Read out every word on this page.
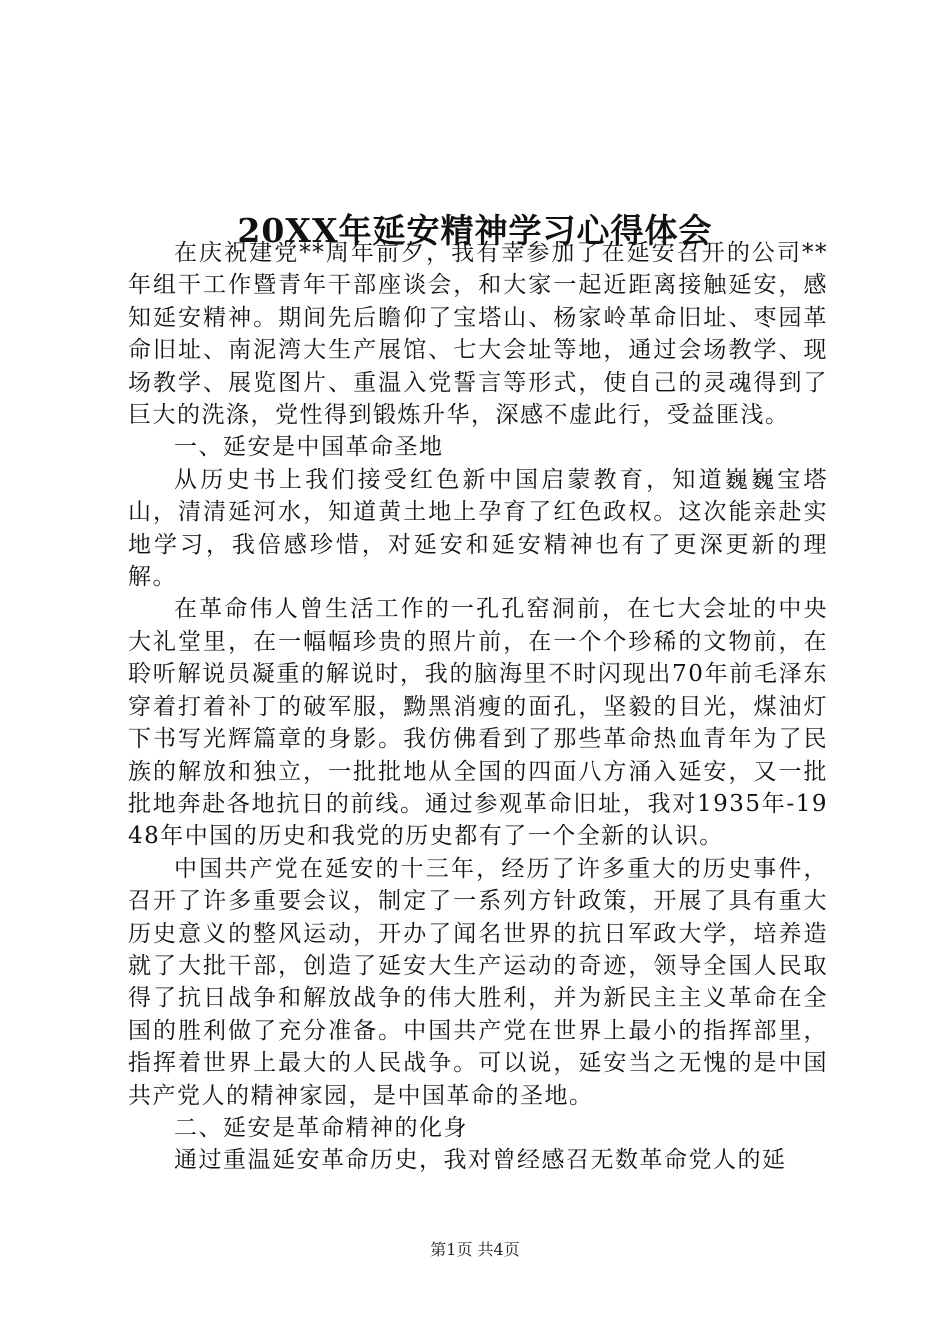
20XX年延安精神学习心得体会

在庆祝建党**周年前夕，我有幸参加了在延安召开的公司**年组干工作暨青年干部座谈会，和大家一起近距离接触延安，感知延安精神。期间先后瞻仰了宝塔山、杨家岭革命旧址、枣园革命旧址、南泥湾大生产展馆、七大会址等地，通过会场教学、现场教学、展览图片、重温入党誓言等形式，使自己的灵魂得到了巨大的洗涤，党性得到锻炼升华，深感不虚此行，受益匪浅。

一、延安是中国革命圣地

从历史书上我们接受红色新中国启蒙教育，知道巍巍宝塔山，清清延河水，知道黄土地上孕育了红色政权。这次能亲赴实地学习，我倍感珍惜，对延安和延安精神也有了更深更新的理解。

在革命伟人曾生活工作的一孔孔窑洞前，在七大会址的中央大礼堂里，在一幅幅珍贵的照片前，在一个个珍稀的文物前，在聆听解说员凝重的解说时，我的脑海里不时闪现出70年前毛泽东穿着打着补丁的破军服，黝黑消瘦的面孔，坚毅的目光，煤油灯下书写光辉篇章的身影。我仿佛看到了那些革命热血青年为了民族的解放和独立，一批批地从全国的四面八方涌入延安，又一批批地奔赴各地抗日的前线。通过参观革命旧址，我对1935年-1948年中国的历史和我党的历史都有了一个全新的认识。

中国共产党在延安的十三年，经历了许多重大的历史事件，召开了许多重要会议，制定了一系列方针政策，开展了具有重大历史意义的整风运动，开办了闻名世界的抗日军政大学，培养造就了大批干部，创造了延安大生产运动的奇迹，领导全国人民取得了抗日战争和解放战争的伟大胜利，并为新民主主义革命在全国的胜利做了充分准备。中国共产党在世界上最小的指挥部里，指挥着世界上最大的人民战争。可以说，延安当之无愧的是中国共产党人的精神家园，是中国革命的圣地。

二、延安是革命精神的化身

通过重温延安革命历史，我对曾经感召无数革命党人的延

第1页 共4页
